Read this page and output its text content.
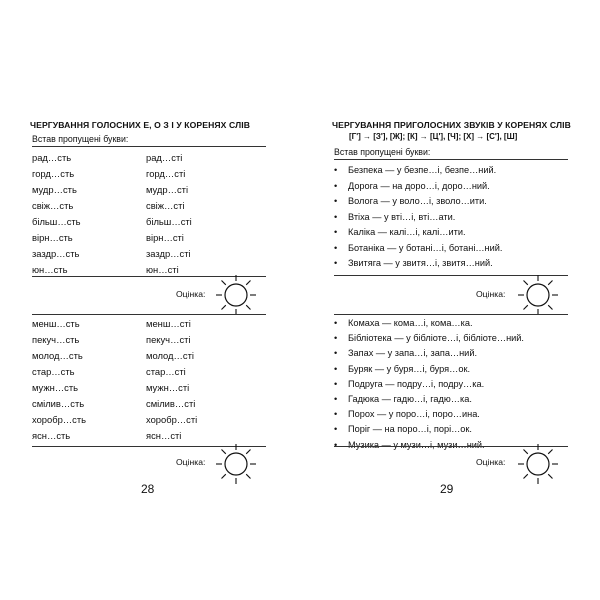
ЧЕРГУВАННЯ ГОЛОСНИХ Е, О З І У КОРЕНЯХ СЛІВ
Встав пропущені букви:
рад…сть	рад…сті
горд…сть	горд…сті
мудр…сть	мудр…сті
свіж…сть	свіж…сті
більш…сть	більш…сті
вірн…сть	вірн…сті
заздр…сть	заздр…сті
юн…сть	юн…сті
Оцінка:
менш…сть	менш…сті
пекуч…сть	пекуч…сті
молод…сть	молод…сті
стар…сть	стар…сті
мужн…сть	мужн…сті
смілив…сть	смілив…сті
хоробр…сть	хоробр…сті
ясн…сть	ясн…сті
Оцінка:
28
ЧЕРГУВАННЯ ПРИГОЛОСНИХ ЗВУКІВ У КОРЕНЯХ СЛІВ
[Г'] → [З'], [Ж]; [К] → [Ц'], [Ч]; [Х] → [С'], [Ш]
Встав пропущені букви:
• Безпека — у безпе…і, безпе…ний.
• Дорога — на доро…і, доро…ний.
• Вологa — у воло…і, зволо…ити.
• Втіха — у вті…і, вті…ати.
• Каліка — калі…і, калі…ити.
• Ботаніка — у ботані…і, ботані…ний.
• Звитяга — у звитя…і, звитя…ний.
Оцінка:
• Комаха — кома…і, кома…ка.
• Бібліотека — у бібліоте…і, бібліоте…ний.
• Запах — у запа…і, запа…ний.
• Буряк — у буря…і, буря…ок.
• Подруга — подру…і, подру…ка.
• Гадюка — гадю…і, гадю…ка.
• Порох — у поро…і, поро…ина.
• Поріг — на поро…і, порі…ок.
• Музика — у музи…і, музи…ний.
Оцінка:
29
